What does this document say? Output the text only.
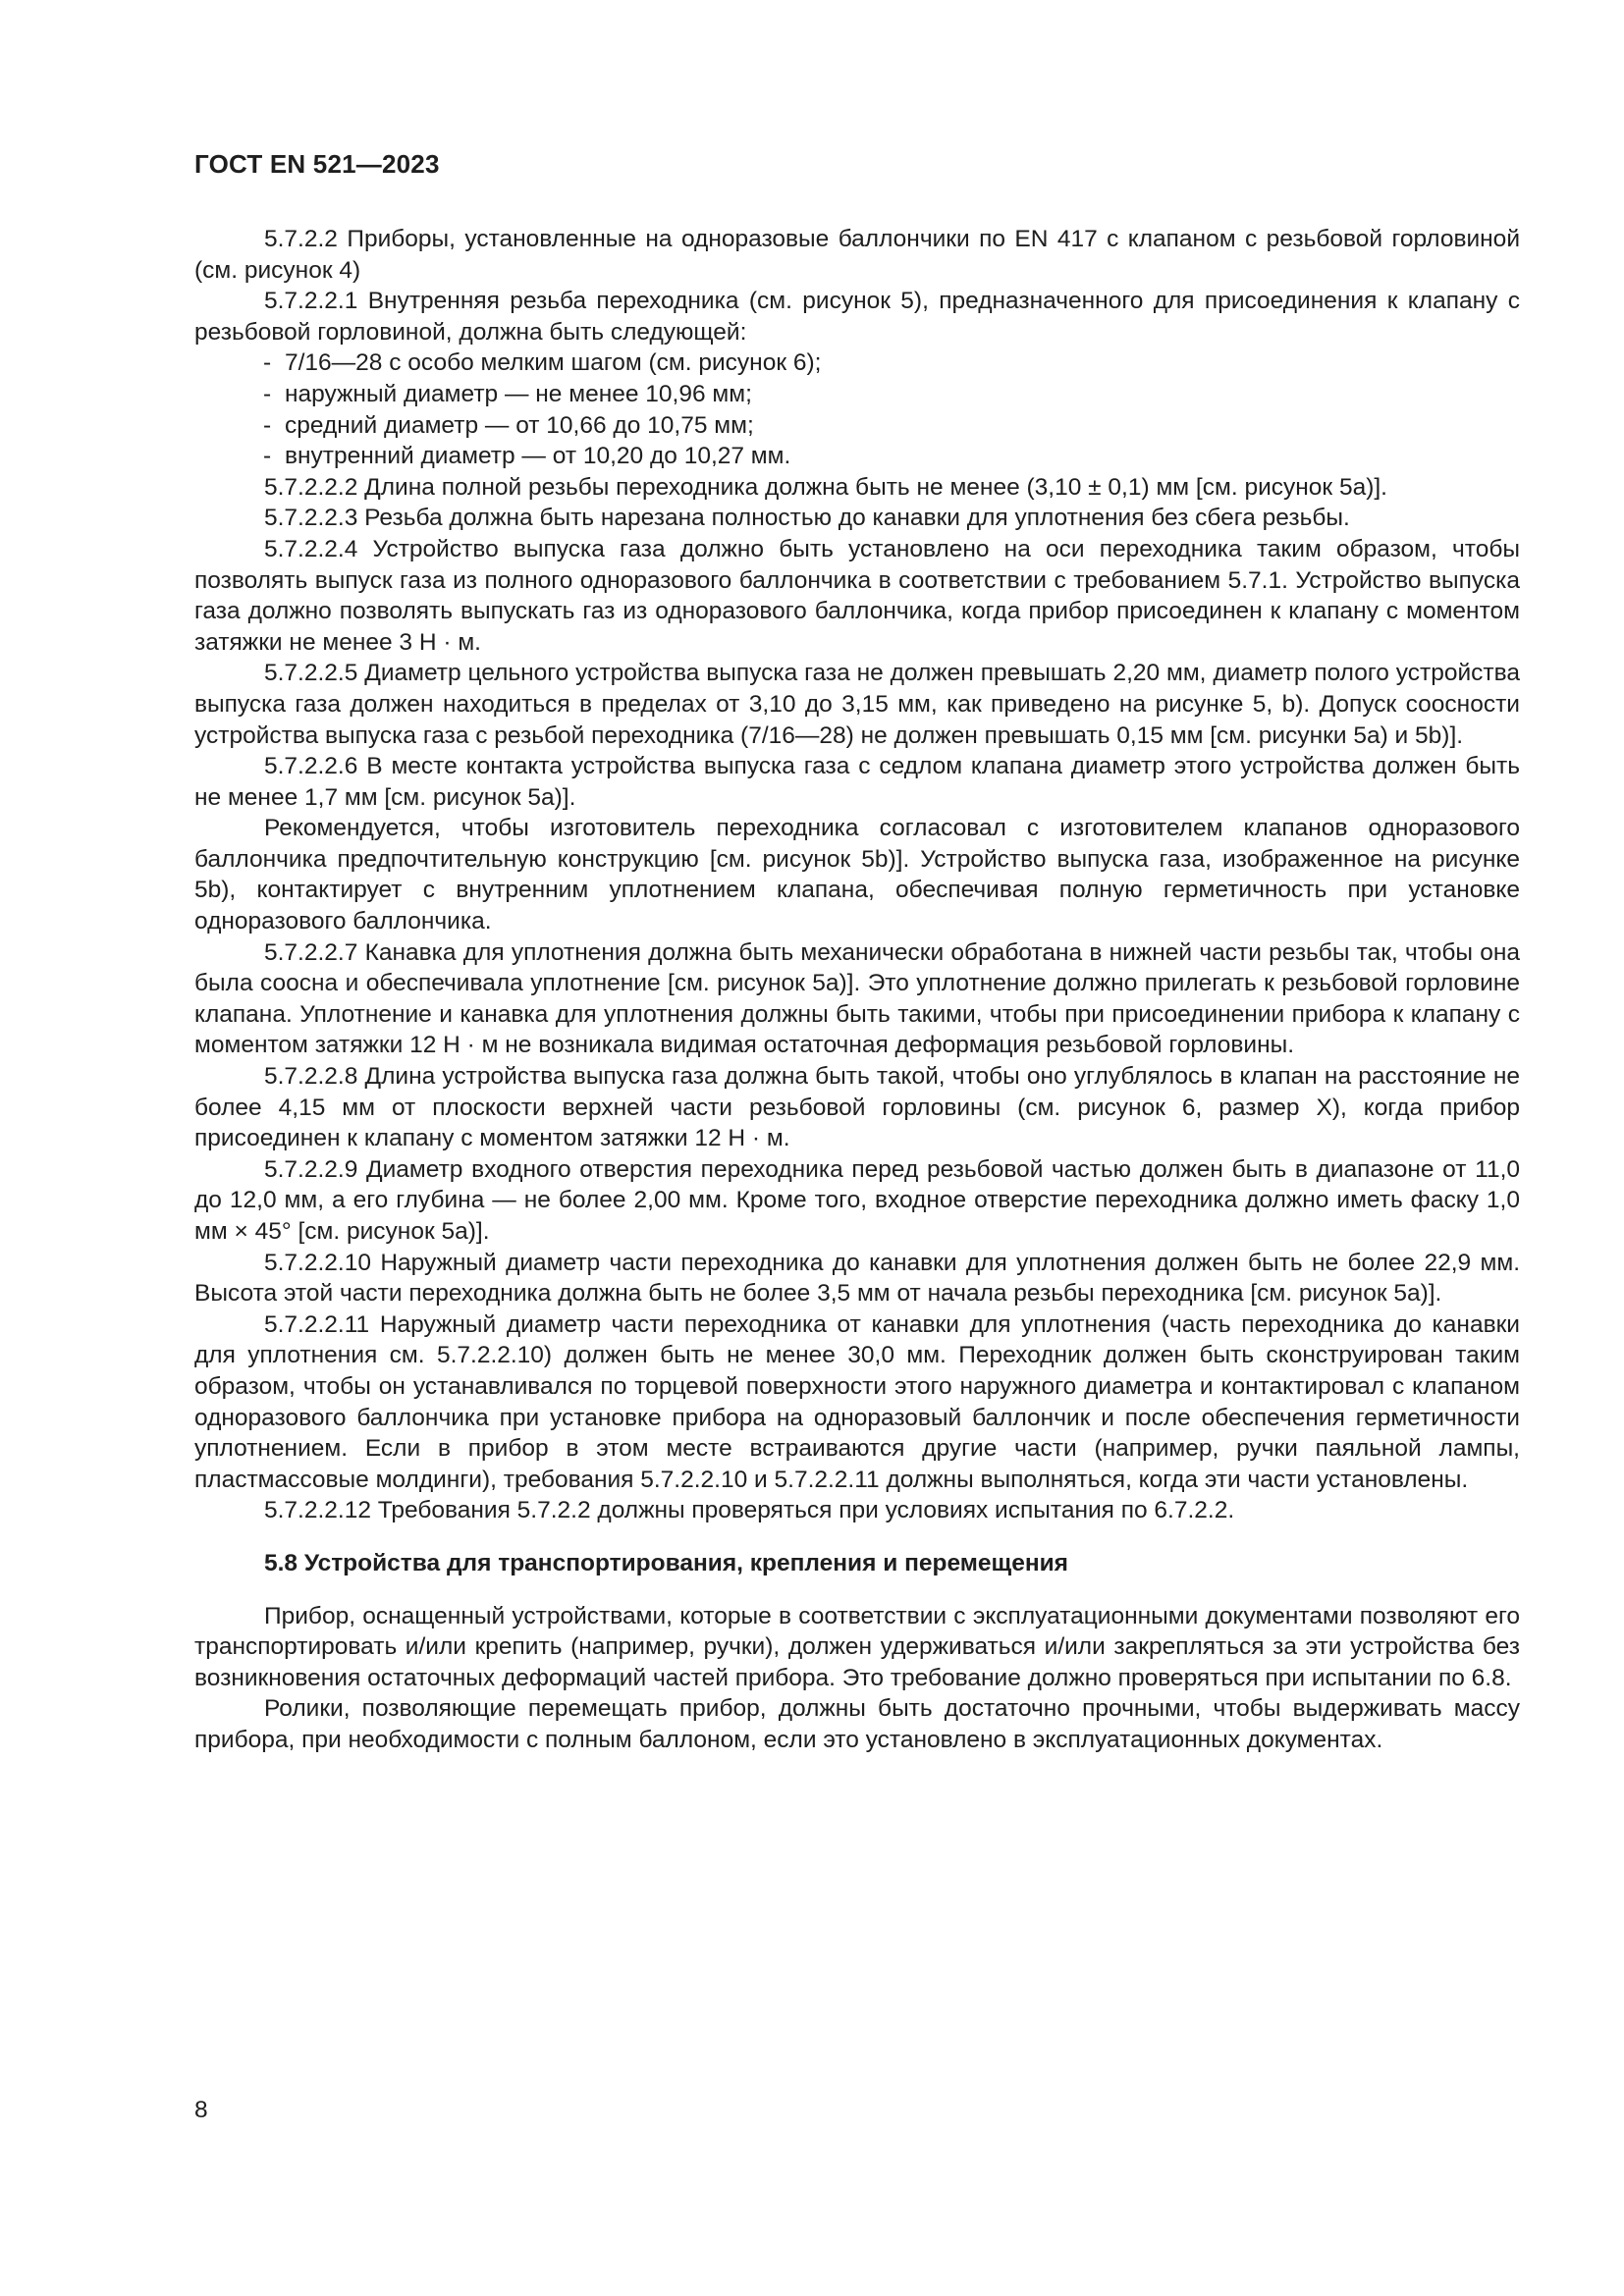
ГОСТ EN 521—2023

5.7.2.2 Приборы, установленные на одноразовые баллончики по EN 417 с клапаном с резьбовой горловиной (см. рисунок 4)

5.7.2.2.1 Внутренняя резьба переходника (см. рисунок 5), предназначенного для присоединения к клапану с резьбовой горловиной, должна быть следующей:

- 7/16—28 с особо мелким шагом (см. рисунок 6);
- наружный диаметр — не менее 10,96 мм;
- средний диаметр — от 10,66 до 10,75 мм;
- внутренний диаметр — от 10,20 до 10,27 мм.

5.7.2.2.2 Длина полной резьбы переходника должна быть не менее (3,10 ± 0,1) мм [см. рисунок 5а)].

5.7.2.2.3 Резьба должна быть нарезана полностью до канавки для уплотнения без сбега резьбы.

5.7.2.2.4 Устройство выпуска газа должно быть установлено на оси переходника таким образом, чтобы позволять выпуск газа из полного одноразового баллончика в соответствии с требованием 5.7.1. Устройство выпуска газа должно позволять выпускать газ из одноразового баллончика, когда прибор присоединен к клапану с моментом затяжки не менее 3 Н · м.

5.7.2.2.5 Диаметр цельного устройства выпуска газа не должен превышать 2,20 мм, диаметр полого устройства выпуска газа должен находиться в пределах от 3,10 до 3,15 мм, как приведено на рисунке 5, b). Допуск соосности устройства выпуска газа с резьбой переходника (7/16—28) не должен превышать 0,15 мм [см. рисунки 5а) и 5b)].

5.7.2.2.6 В месте контакта устройства выпуска газа с седлом клапана диаметр этого устройства должен быть не менее 1,7 мм [см. рисунок 5а)].

Рекомендуется, чтобы изготовитель переходника согласовал с изготовителем клапанов одноразового баллончика предпочтительную конструкцию [см. рисунок 5b)]. Устройство выпуска газа, изображенное на рисунке 5b), контактирует с внутренним уплотнением клапана, обеспечивая полную герметичность при установке одноразового баллончика.

5.7.2.2.7 Канавка для уплотнения должна быть механически обработана в нижней части резьбы так, чтобы она была соосна и обеспечивала уплотнение [см. рисунок 5а)]. Это уплотнение должно прилегать к резьбовой горловине клапана. Уплотнение и канавка для уплотнения должны быть такими, чтобы при присоединении прибора к клапану с моментом затяжки 12 Н · м не возникала видимая остаточная деформация резьбовой горловины.

5.7.2.2.8 Длина устройства выпуска газа должна быть такой, чтобы оно углублялось в клапан на расстояние не более 4,15 мм от плоскости верхней части резьбовой горловины (см. рисунок 6, размер X), когда прибор присоединен к клапану с моментом затяжки 12 Н · м.

5.7.2.2.9 Диаметр входного отверстия переходника перед резьбовой частью должен быть в диапазоне от 11,0 до 12,0 мм, а его глубина — не более 2,00 мм. Кроме того, входное отверстие переходника должно иметь фаску 1,0 мм × 45° [см. рисунок 5а)].

5.7.2.2.10 Наружный диаметр части переходника до канавки для уплотнения должен быть не более 22,9 мм. Высота этой части переходника должна быть не более 3,5 мм от начала резьбы переходника [см. рисунок 5а)].

5.7.2.2.11 Наружный диаметр части переходника от канавки для уплотнения (часть переходника до канавки для уплотнения см. 5.7.2.2.10) должен быть не менее 30,0 мм. Переходник должен быть сконструирован таким образом, чтобы он устанавливался по торцевой поверхности этого наружного диаметра и контактировал с клапаном одноразового баллончика при установке прибора на одноразовый баллончик и после обеспечения герметичности уплотнением. Если в прибор в этом месте встраиваются другие части (например, ручки паяльной лампы, пластмассовые молдинги), требования 5.7.2.2.10 и 5.7.2.2.11 должны выполняться, когда эти части установлены.

5.7.2.2.12 Требования 5.7.2.2 должны проверяться при условиях испытания по 6.7.2.2.

5.8 Устройства для транспортирования, крепления и перемещения

Прибор, оснащенный устройствами, которые в соответствии с эксплуатационными документами позволяют его транспортировать и/или крепить (например, ручки), должен удерживаться и/или закрепляться за эти устройства без возникновения остаточных деформаций частей прибора. Это требование должно проверяться при испытании по 6.8.

Ролики, позволяющие перемещать прибор, должны быть достаточно прочными, чтобы выдерживать массу прибора, при необходимости с полным баллоном, если это установлено в эксплуатационных документах.

8
